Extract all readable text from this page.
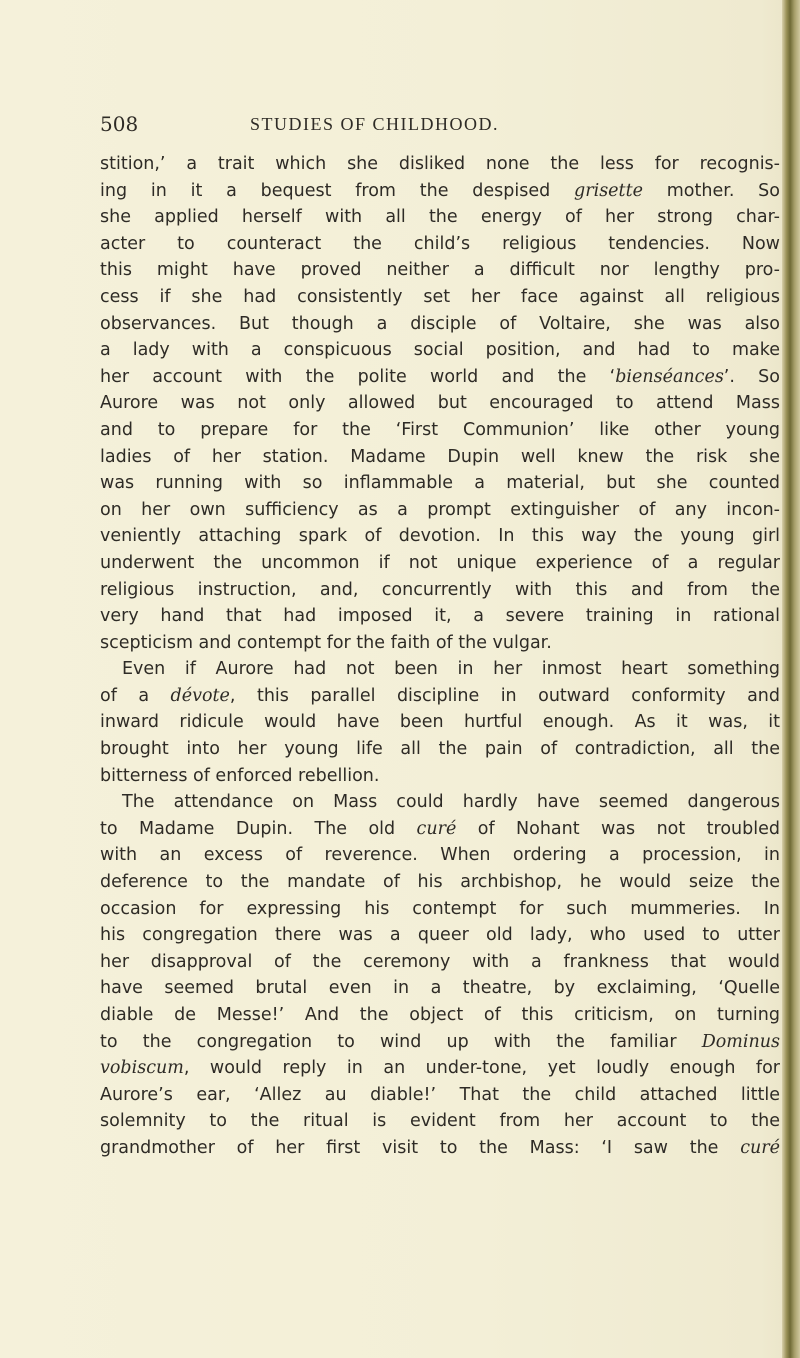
508	STUDIES OF CHILDHOOD.
stition,’ a trait which she disliked none the less for recognis-
ing in it a bequest from the despised grisette mother. So
she applied herself with all the energy of her strong char-
acter to counteract the child’s religious tendencies. Now
this might have proved neither a difficult nor lengthy pro-
cess if she had consistently set her face against all religious
observances. But though a disciple of Voltaire, she was also
a lady with a conspicuous social position, and had to make
her account with the polite world and the ‘bienséances’. So
Aurore was not only allowed but encouraged to attend Mass
and to prepare for the ‘First Communion’ like other young
ladies of her station. Madame Dupin well knew the risk she
was running with so inflammable a material, but she counted
on her own sufficiency as a prompt extinguisher of any incon-
veniently attaching spark of devotion. In this way the young girl
underwent the uncommon if not unique experience of a regular
religious instruction, and, concurrently with this and from the
very hand that had imposed it, a severe training in rational
scepticism and contempt for the faith of the vulgar.
Even if Aurore had not been in her inmost heart something
of a dévote, this parallel discipline in outward conformity and
inward ridicule would have been hurtful enough. As it was, it
brought into her young life all the pain of contradiction, all the
bitterness of enforced rebellion.
The attendance on Mass could hardly have seemed dangerous
to Madame Dupin. The old curé of Nohant was not troubled
with an excess of reverence. When ordering a procession, in
deference to the mandate of his archbishop, he would seize the
occasion for expressing his contempt for such mummeries. In
his congregation there was a queer old lady, who used to utter
her disapproval of the ceremony with a frankness that would
have seemed brutal even in a theatre, by exclaiming, ‘Quelle
diable de Messe!’ And the object of this criticism, on turning
to the congregation to wind up with the familiar Dominus
vobiscum, would reply in an under-tone, yet loudly enough for
Aurore’s ear, ‘Allez au diable!’ That the child attached little
solemnity to the ritual is evident from her account to the
grandmother of her first visit to the Mass: ‘I saw the curé
